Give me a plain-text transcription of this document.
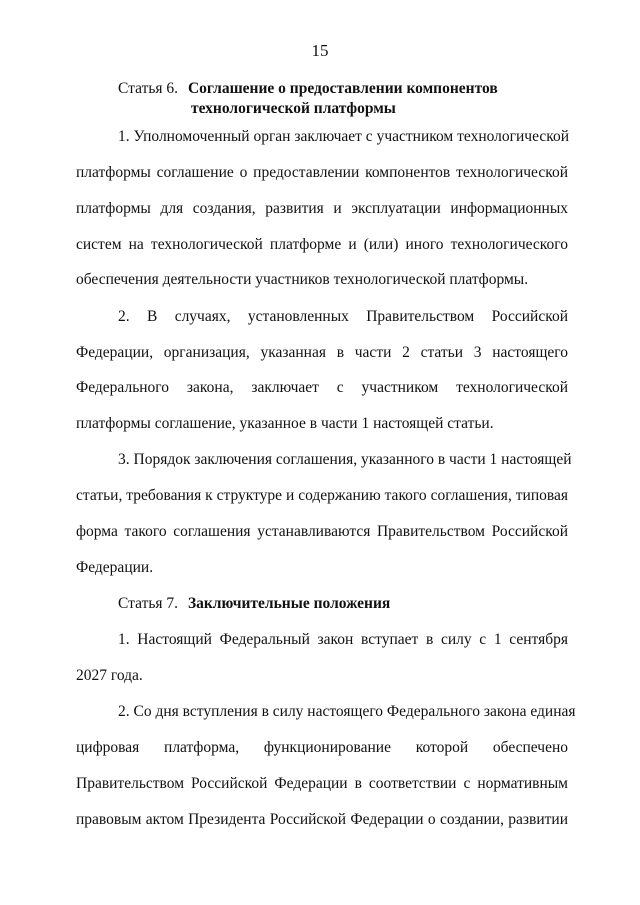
15
Статья 6. Соглашение о предоставлении компонентов
технологической платформы
1. Уполномоченный орган заключает с участником технологической
платформы соглашение о предоставлении компонентов технологической
платформы для создания, развития и эксплуатации информационных
систем на технологической платформе и (или) иного технологического
обеспечения деятельности участников технологической платформы.
2. В случаях, установленных Правительством Российской
Федерации, организация, указанная в части 2 статьи 3 настоящего
Федерального закона, заключает с участником технологической
платформы соглашение, указанное в части 1 настоящей статьи.
3. Порядок заключения соглашения, указанного в части 1 настоящей
статьи, требования к структуре и содержанию такого соглашения, типовая
форма такого соглашения устанавливаются Правительством Российской
Федерации.
Статья 7. Заключительные положения
1. Настоящий Федеральный закон вступает в силу с 1 сентября
2027 года.
2. Со дня вступления в силу настоящего Федерального закона единая
цифровая платформа, функционирование которой обеспечено
Правительством Российской Федерации в соответствии с нормативным
правовым актом Президента Российской Федерации о создании, развитии
